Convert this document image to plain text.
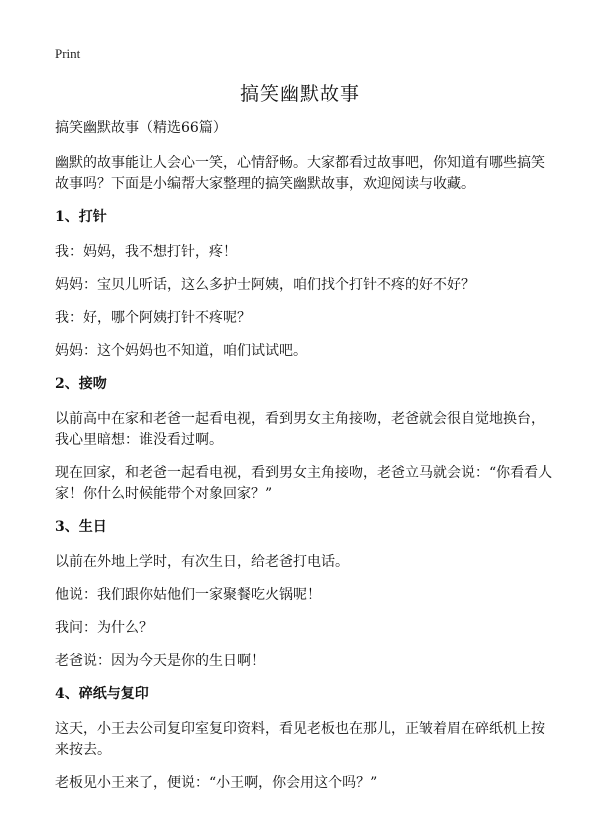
Print
搞笑幽默故事

搞笑幽默故事（精选66篇）

幽默的故事能让人会心一笑，心情舒畅。大家都看过故事吧，你知道有哪些搞笑故事吗？下面是小编帮大家整理的搞笑幽默故事，欢迎阅读与收藏。

1、打针

我：妈妈，我不想打针，疼！

妈妈：宝贝儿听话，这么多护士阿姨，咱们找个打针不疼的好不好？

我：好，哪个阿姨打针不疼呢？

妈妈：这个妈妈也不知道，咱们试试吧。

2、接吻

以前高中在家和老爸一起看电视，看到男女主角接吻，老爸就会很自觉地换台，我心里暗想：谁没看过啊。

现在回家，和老爸一起看电视，看到男女主角接吻，老爸立马就会说：“你看看人家！你什么时候能带个对象回家？”

3、生日

以前在外地上学时，有次生日，给老爸打电话。

他说：我们跟你姑他们一家聚餐吃火锅呢！

我问：为什么？

老爸说：因为今天是你的生日啊！

4、碎纸与复印

这天，小王去公司复印室复印资料，看见老板也在那儿，正皱着眉在碎纸机上按来按去。

老板见小王来了，便说：“小王啊，你会用这个吗？”
